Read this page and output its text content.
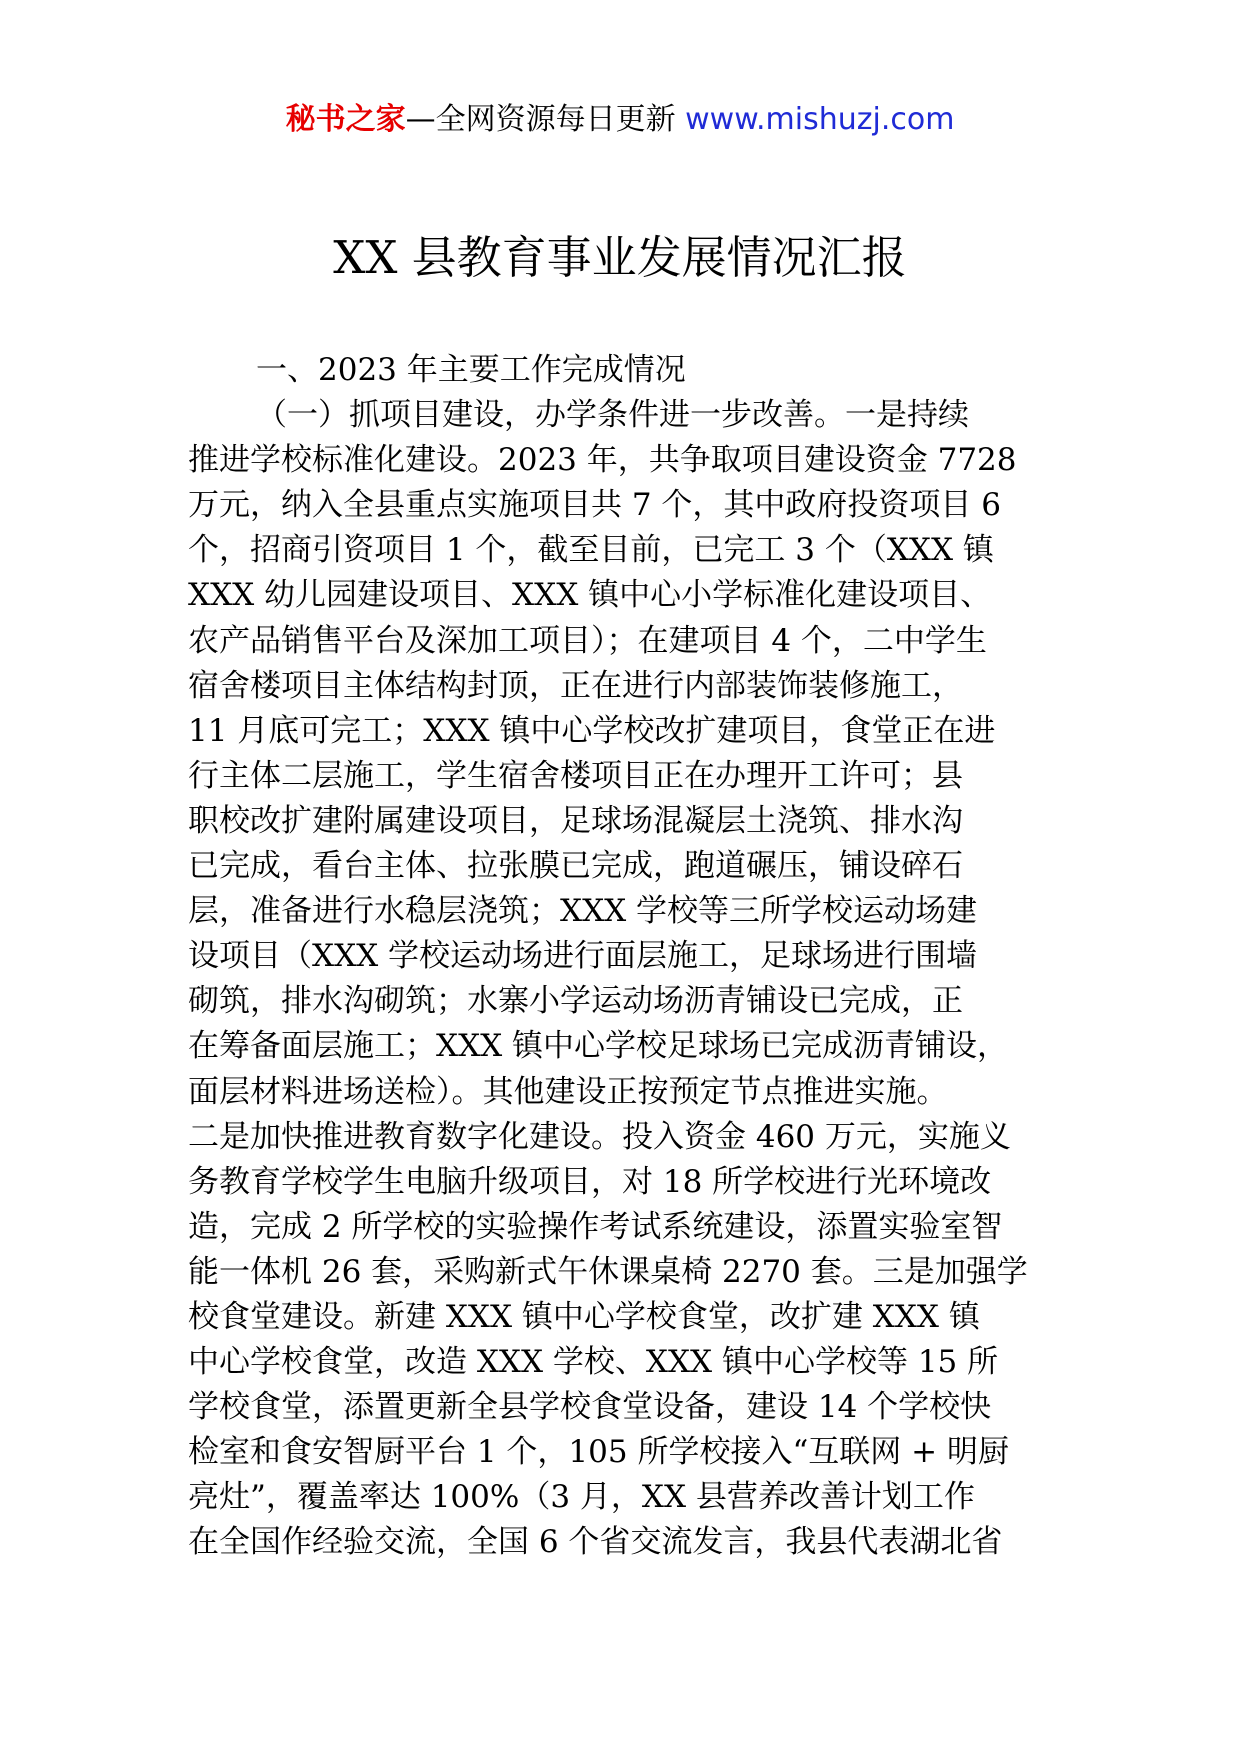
秘书之家—全网资源每日更新 www.mishuzj.com
XX 县教育事业发展情况汇报
一、2023 年主要工作完成情况
（一）抓项目建设，办学条件进一步改善。一是持续
推进学校标准化建设。2023 年，共争取项目建设资金 7728
万元，纳入全县重点实施项目共 7 个，其中政府投资项目 6
个，招商引资项目 1 个，截至目前，已完工 3 个（XXX 镇
XXX 幼儿园建设项目、XXX 镇中心小学标准化建设项目、
农产品销售平台及深加工项目）；在建项目 4 个，二中学生
宿舍楼项目主体结构封顶，正在进行内部装饰装修施工，
11 月底可完工；XXX 镇中心学校改扩建项目，食堂正在进
行主体二层施工，学生宿舍楼项目正在办理开工许可；县
职校改扩建附属建设项目，足球场混凝层土浇筑、排水沟
已完成，看台主体、拉张膜已完成，跑道碾压，铺设碎石
层，准备进行水稳层浇筑；XXX 学校等三所学校运动场建
设项目（XXX 学校运动场进行面层施工，足球场进行围墙
砌筑，排水沟砌筑；水寨小学运动场沥青铺设已完成，正
在筹备面层施工；XXX 镇中心学校足球场已完成沥青铺设，
面层材料进场送检）。其他建设正按预定节点推进实施。
二是加快推进教育数字化建设。投入资金 460 万元，实施义
务教育学校学生电脑升级项目，对 18 所学校进行光环境改
造，完成 2 所学校的实验操作考试系统建设，添置实验室智
能一体机 26 套，采购新式午休课桌椅 2270 套。三是加强学
校食堂建设。新建 XXX 镇中心学校食堂，改扩建 XXX 镇
中心学校食堂，改造 XXX 学校、XXX 镇中心学校等 15 所
学校食堂，添置更新全县学校食堂设备，建设 14 个学校快
检室和食安智厨平台 1 个，105 所学校接入“互联网 + 明厨
亮灶”，覆盖率达 100%（3 月，XX 县营养改善计划工作
在全国作经验交流，全国 6 个省交流发言，我县代表湖北省
